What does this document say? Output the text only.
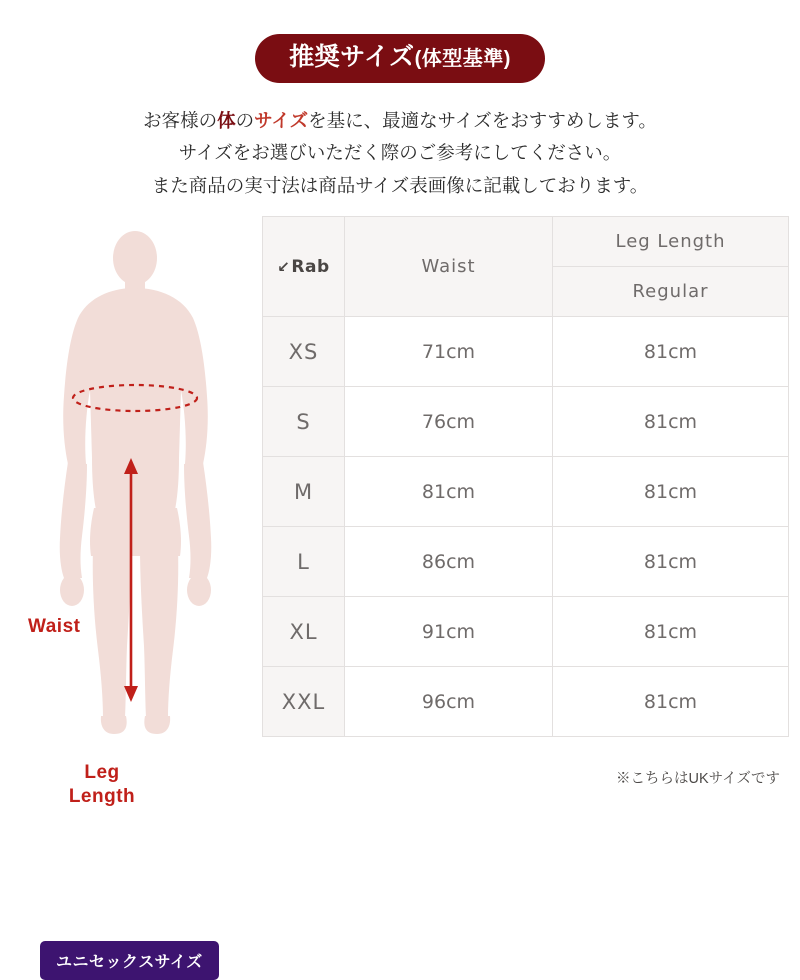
推奨サイズ(体型基準)
お客様の体のサイズを基に、最適なサイズをおすすめします。
サイズをお選びいただく際のご参考にしてください。
また商品の実寸法は商品サイズ表画像に記載しております。
Waist
Leg
Length
ユニセックスサイズ
↘Rab	Waist	Leg Length
		Regular
XS	71cm	81cm
S	76cm	81cm
M	81cm	81cm
L	86cm	81cm
XL	91cm	81cm
XXL	96cm	81cm
※こちらはUKサイズです
